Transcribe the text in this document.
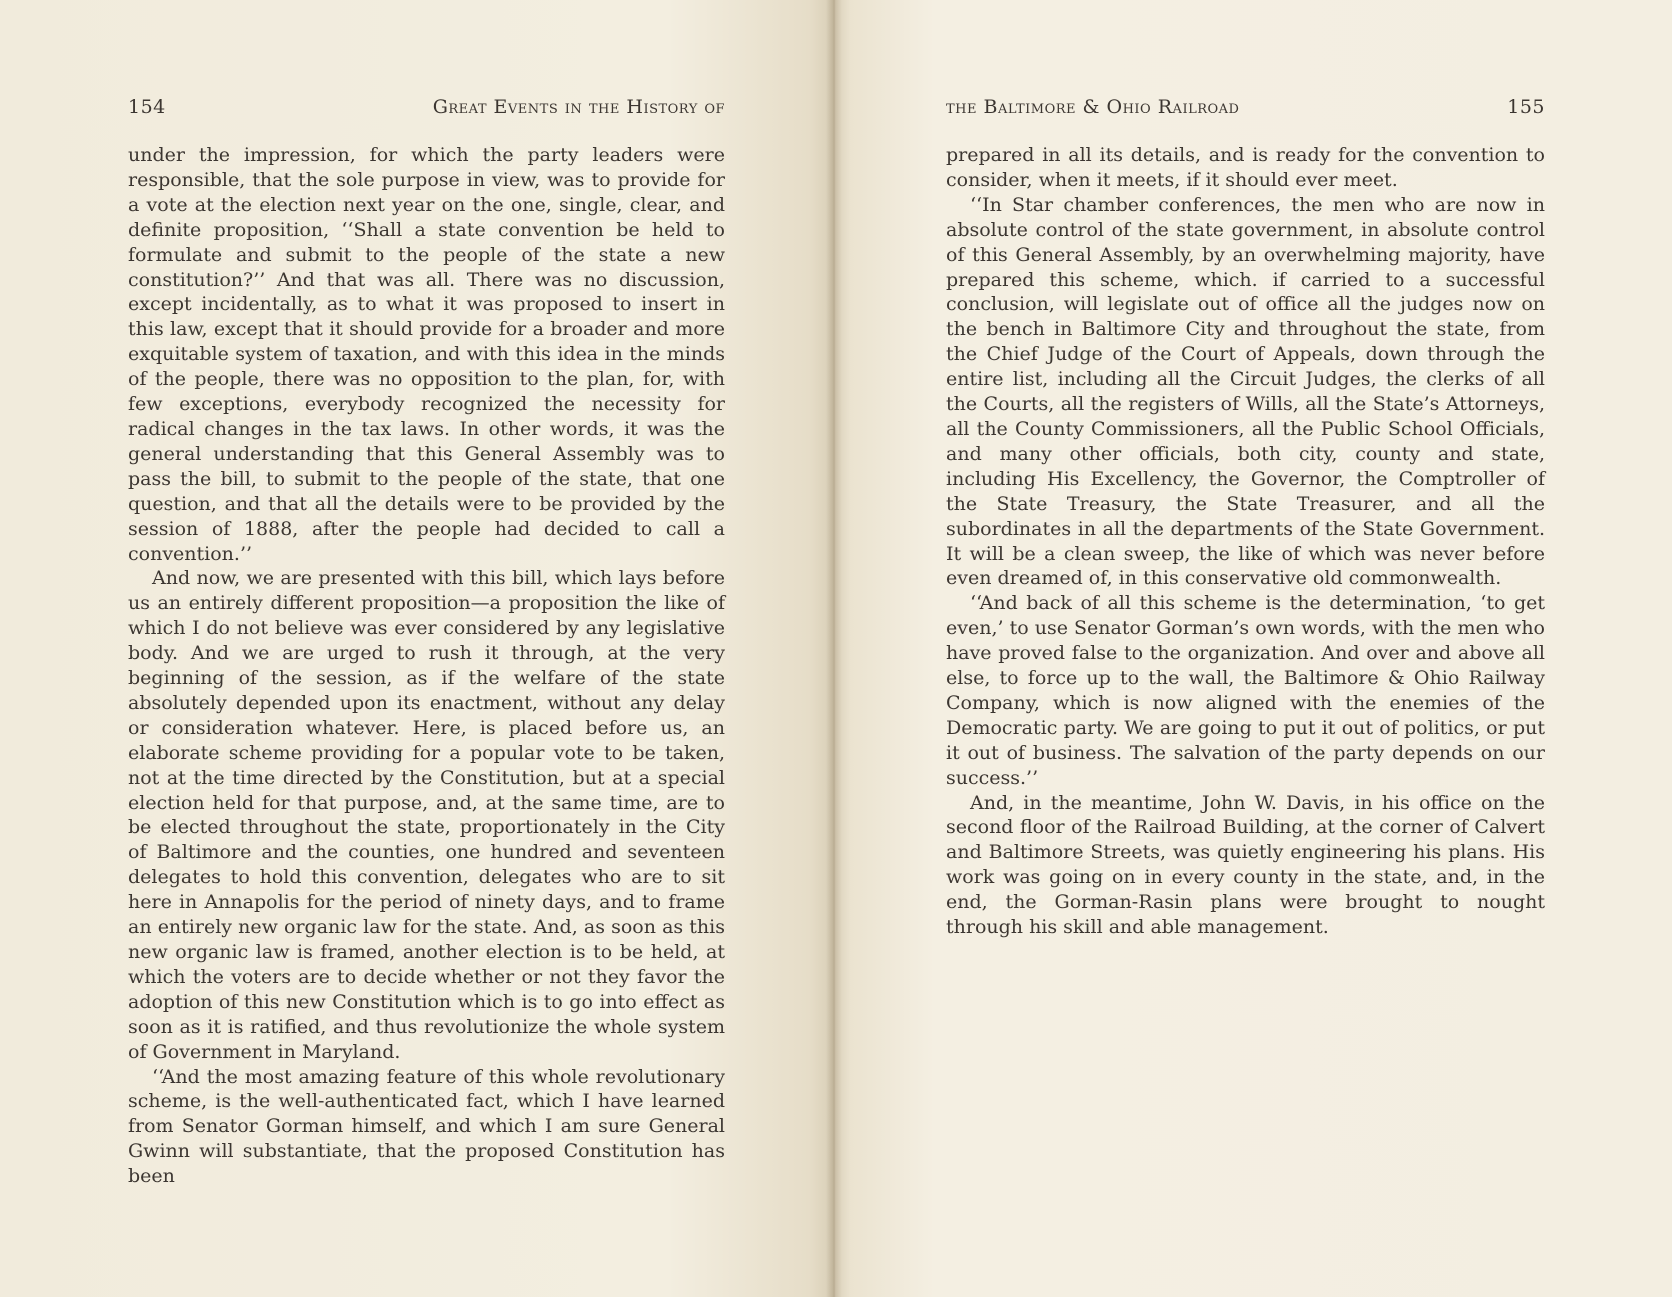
154	Great Events in the History of

under the impression, for which the party leaders were responsible, that the sole purpose in view, was to provide for a vote at the election next year on the one, single, clear, and definite proposition, ‘‘Shall a state convention be held to formulate and submit to the people of the state a new constitution?’’ And that was all. There was no discussion, except incidentally, as to what it was proposed to insert in this law, except that it should provide for a broader and more exquitable system of taxation, and with this idea in the minds of the people, there was no opposition to the plan, for, with few exceptions, everybody recognized the necessity for radical changes in the tax laws. In other words, it was the general understanding that this General Assembly was to pass the bill, to submit to the people of the state, that one question, and that all the details were to be provided by the session of 1888, after the people had decided to call a convention.’’

And now, we are presented with this bill, which lays before us an entirely different proposition—a proposition the like of which I do not believe was ever considered by any legislative body. And we are urged to rush it through, at the very beginning of the session, as if the welfare of the state absolutely depended upon its enactment, without any delay or consideration whatever. Here, is placed before us, an elaborate scheme providing for a popular vote to be taken, not at the time directed by the Constitution, but at a special election held for that purpose, and, at the same time, are to be elected throughout the state, proportionately in the City of Baltimore and the counties, one hundred and seventeen delegates to hold this convention, delegates who are to sit here in Annapolis for the period of ninety days, and to frame an entirely new organic law for the state. And, as soon as this new organic law is framed, another election is to be held, at which the voters are to decide whether or not they favor the adoption of this new Constitution which is to go into effect as soon as it is ratified, and thus revolutionize the whole system of Government in Maryland.

‘‘And the most amazing feature of this whole revolutionary scheme, is the well-authenticated fact, which I have learned from Senator Gorman himself, and which I am sure General Gwinn will substantiate, that the proposed Constitution has been

the Baltimore & Ohio Railroad	155

prepared in all its details, and is ready for the convention to consider, when it meets, if it should ever meet.

‘‘In Star chamber conferences, the men who are now in absolute control of the state government, in absolute control of this General Assembly, by an overwhelming majority, have prepared this scheme, which. if carried to a successful conclusion, will legislate out of office all the judges now on the bench in Baltimore City and throughout the state, from the Chief Judge of the Court of Appeals, down through the entire list, including all the Circuit Judges, the clerks of all the Courts, all the registers of Wills, all the State’s Attorneys, all the County Commissioners, all the Public School Officials, and many other officials, both city, county and state, including His Excellency, the Governor, the Comptroller of the State Treasury, the State Treasurer, and all the subordinates in all the departments of the State Government. It will be a clean sweep, the like of which was never before even dreamed of, in this conservative old commonwealth.

‘‘And back of all this scheme is the determination, ‘to get even,’ to use Senator Gorman’s own words, with the men who have proved false to the organization. And over and above all else, to force up to the wall, the Baltimore & Ohio Railway Company, which is now aligned with the enemies of the Democratic party. We are going to put it out of politics, or put it out of business. The salvation of the party depends on our success.’’

And, in the meantime, John W. Davis, in his office on the second floor of the Railroad Building, at the corner of Calvert and Baltimore Streets, was quietly engineering his plans. His work was going on in every county in the state, and, in the end, the Gorman-Rasin plans were brought to nought through his skill and able management.
